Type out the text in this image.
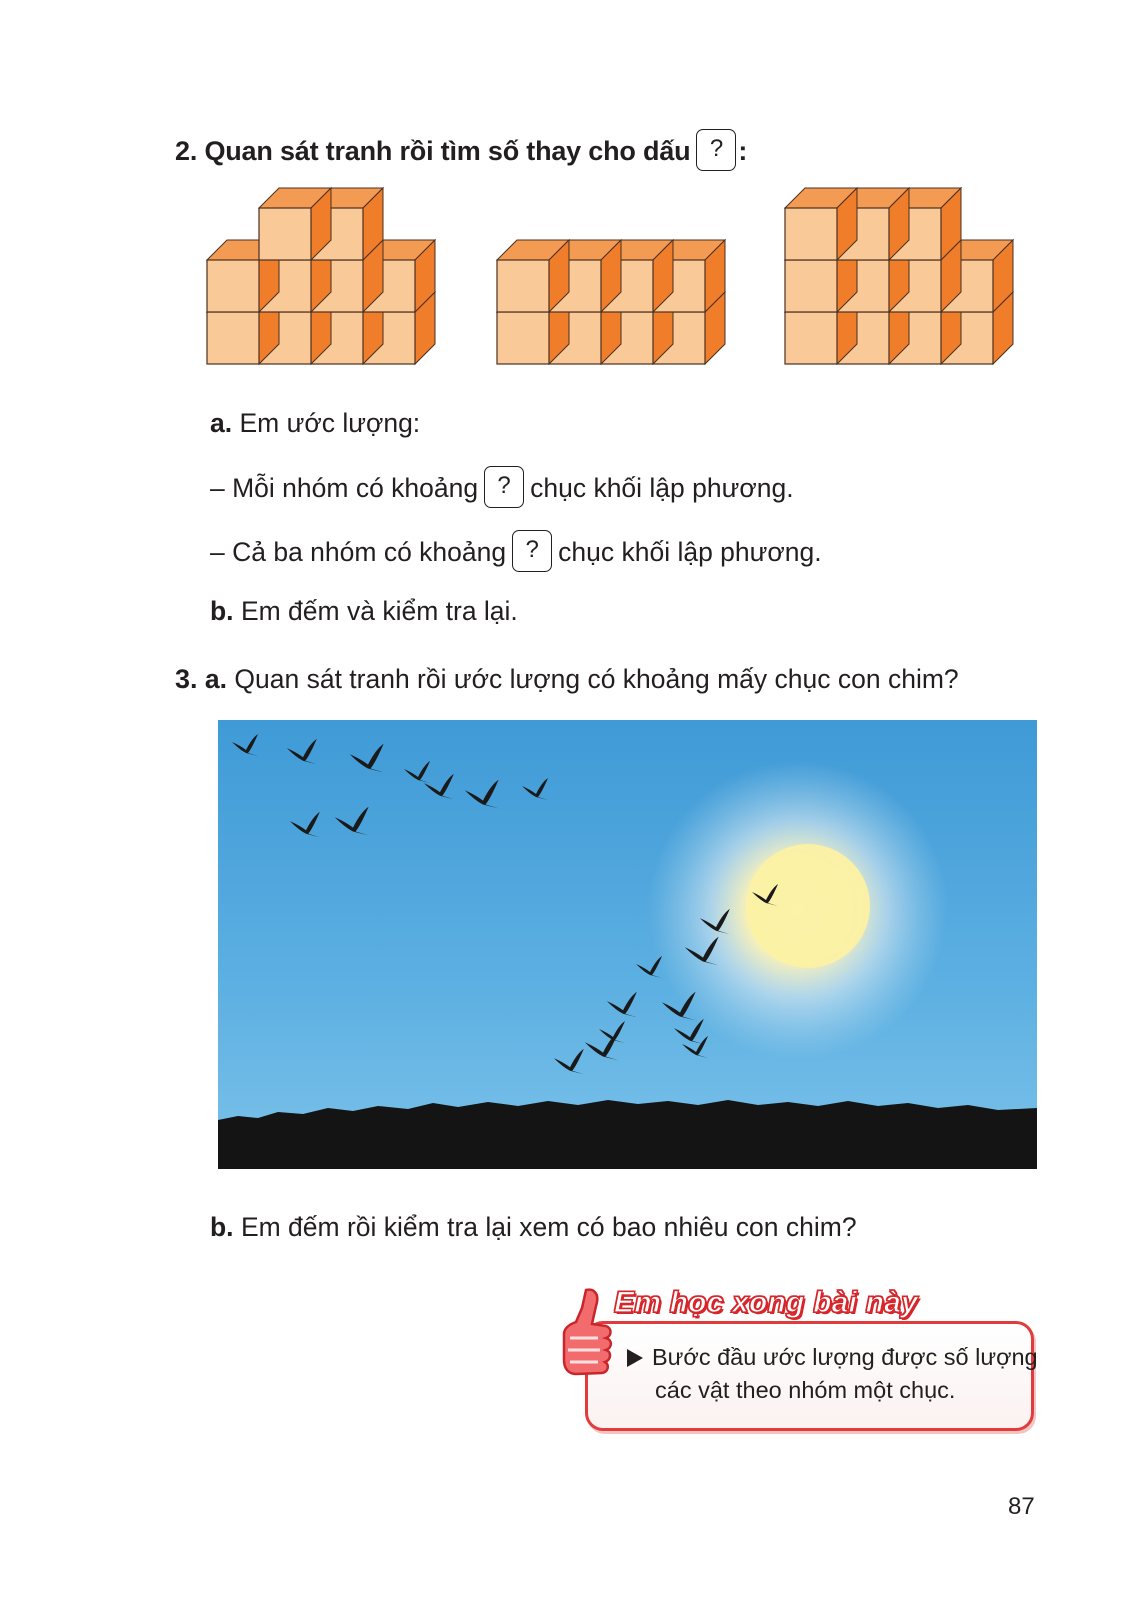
2. Quan sát tranh rồi tìm số thay cho dấu ? :
a. Em ước lượng:
– Mỗi nhóm có khoảng ? chục khối lập phương.
– Cả ba nhóm có khoảng ? chục khối lập phương.
b. Em đếm và kiểm tra lại.
3. a. Quan sát tranh rồi ước lượng có khoảng mấy chục con chim?
b. Em đếm rồi kiểm tra lại xem có bao nhiêu con chim?
Em học xong bài này
Bước đầu ước lượng được số lượng
các vật theo nhóm một chục.
87
